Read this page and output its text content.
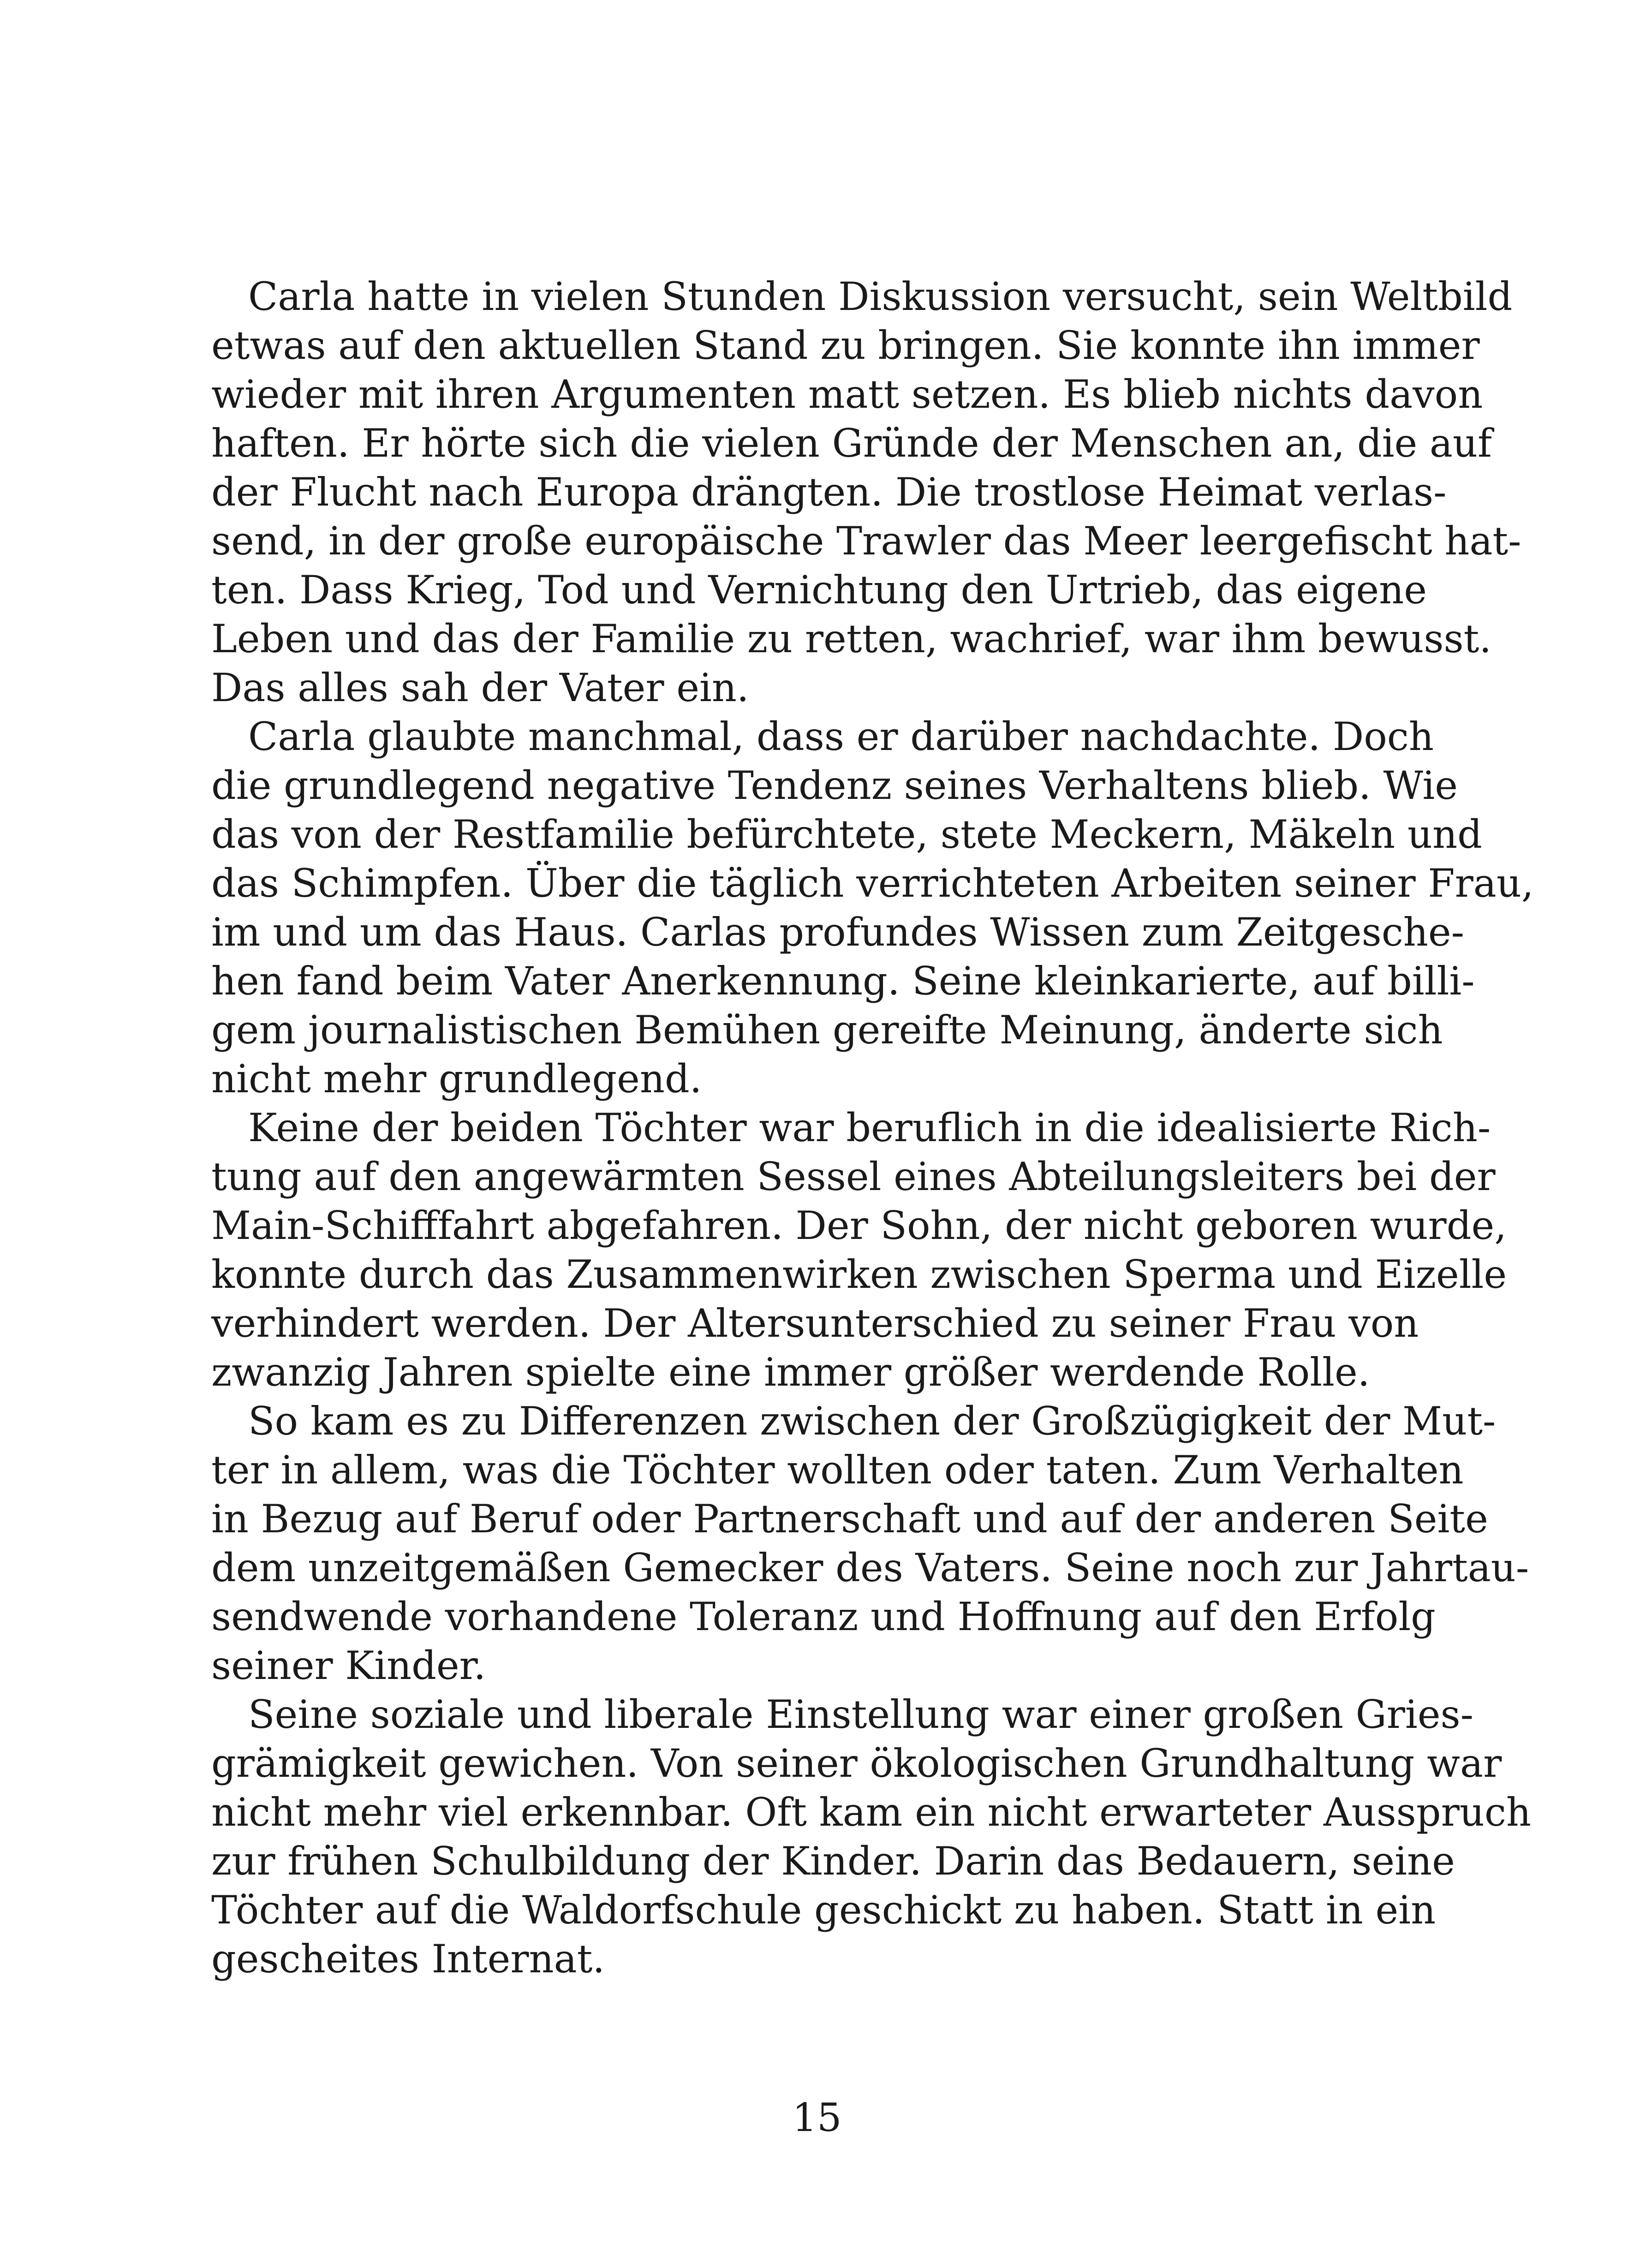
Carla hatte in vielen Stunden Diskussion versucht, sein Weltbild
etwas auf den aktuellen Stand zu bringen. Sie konnte ihn immer
wieder mit ihren Argumenten matt setzen. Es blieb nichts davon
haften. Er hörte sich die vielen Gründe der Menschen an, die auf
der Flucht nach Europa drängten. Die trostlose Heimat verlas-
send, in der große europäische Trawler das Meer leergefischt hat-
ten. Dass Krieg, Tod und Vernichtung den Urtrieb, das eigene
Leben und das der Familie zu retten, wachrief, war ihm bewusst.
Das alles sah der Vater ein.
Carla glaubte manchmal, dass er darüber nachdachte. Doch
die grundlegend negative Tendenz seines Verhaltens blieb. Wie
das von der Restfamilie befürchtete, stete Meckern, Mäkeln und
das Schimpfen. Über die täglich verrichteten Arbeiten seiner Frau,
im und um das Haus. Carlas profundes Wissen zum Zeitgesche-
hen fand beim Vater Anerkennung. Seine kleinkarierte, auf billi-
gem journalistischen Bemühen gereifte Meinung, änderte sich
nicht mehr grundlegend.
Keine der beiden Töchter war beruflich in die idealisierte Rich-
tung auf den angewärmten Sessel eines Abteilungsleiters bei der
Main-Schifffahrt abgefahren. Der Sohn, der nicht geboren wurde,
konnte durch das Zusammenwirken zwischen Sperma und Eizelle
verhindert werden. Der Altersunterschied zu seiner Frau von
zwanzig Jahren spielte eine immer größer werdende Rolle.
So kam es zu Differenzen zwischen der Großzügigkeit der Mut-
ter in allem, was die Töchter wollten oder taten. Zum Verhalten
in Bezug auf Beruf oder Partnerschaft und auf der anderen Seite
dem unzeitgemäßen Gemecker des Vaters. Seine noch zur Jahrtau-
sendwende vorhandene Toleranz und Hoffnung auf den Erfolg
seiner Kinder.
Seine soziale und liberale Einstellung war einer großen Gries-
grämigkeit gewichen. Von seiner ökologischen Grundhaltung war
nicht mehr viel erkennbar. Oft kam ein nicht erwarteter Ausspruch
zur frühen Schulbildung der Kinder. Darin das Bedauern, seine
Töchter auf die Waldorfschule geschickt zu haben. Statt in ein
gescheites Internat.
15
